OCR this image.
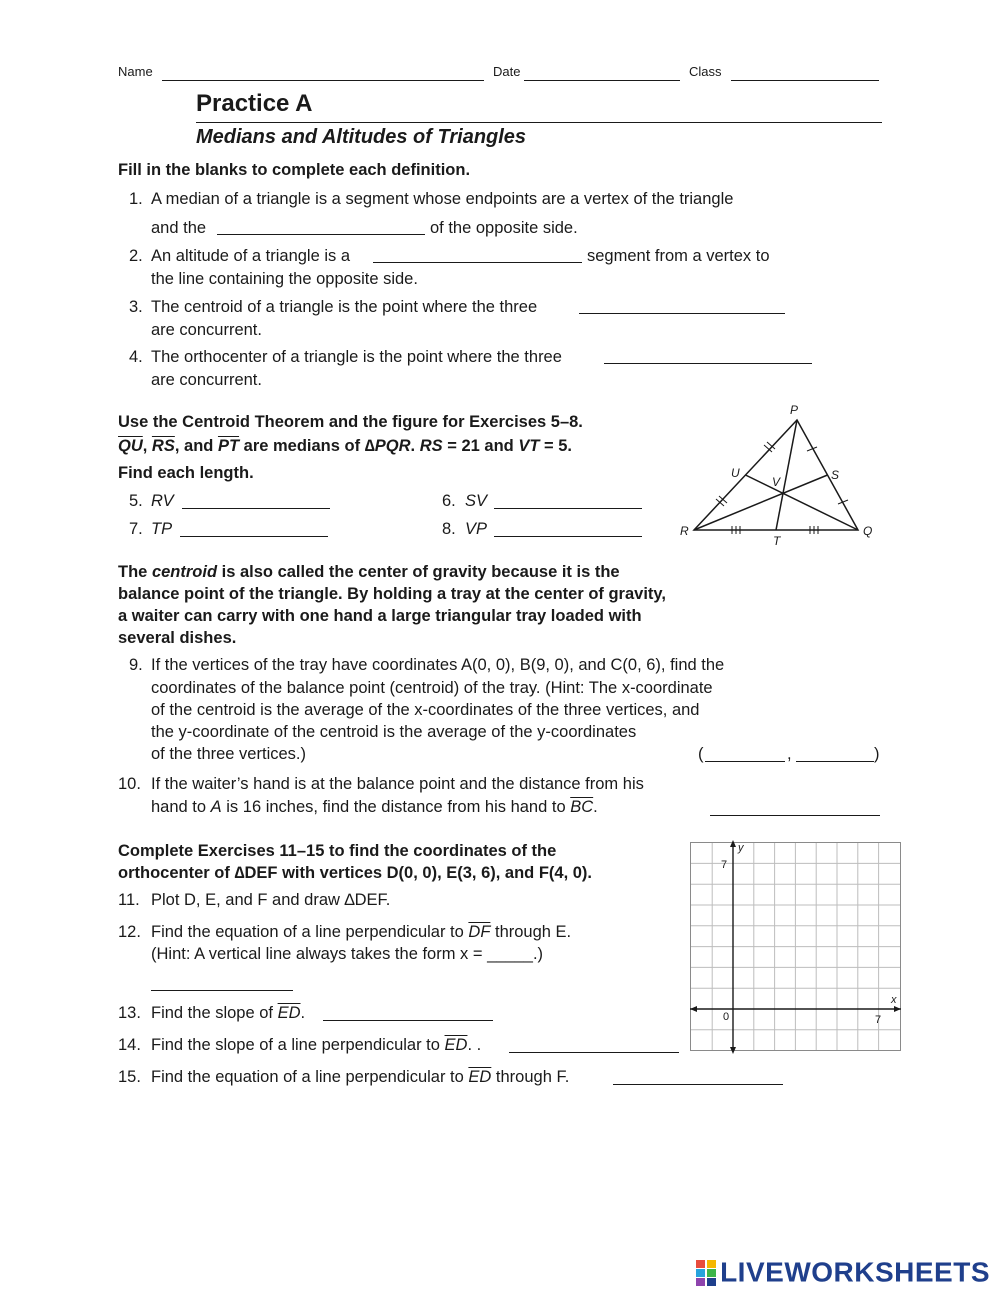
Name	Date	Class
Practice A
Medians and Altitudes of Triangles
Fill in the blanks to complete each definition.
1. A median of a triangle is a segment whose endpoints are a vertex of the triangle
and the	of the opposite side.
2. An altitude of a triangle is a	segment from a vertex to
the line containing the opposite side.
3. The centroid of a triangle is the point where the three
are concurrent.
4. The orthocenter of a triangle is the point where the three
are concurrent.
Use the Centroid Theorem and the figure for Exercises 5–8.
$\overline{QU}$, $\overline{RS}$, and $\overline{PT}$ are medians of ∆PQR. RS = 21 and VT = 5.
Find each length.
5. RV	6. SV
7. TP	8. VP
P
U	S
V
R	Q
T
The centroid is also called the center of gravity because it is the
balance point of the triangle. By holding a tray at the center of gravity,
a waiter can carry with one hand a large triangular tray loaded with
several dishes.
9. If the vertices of the tray have coordinates A(0, 0), B(9, 0), and C(0, 6), find the
coordinates of the balance point (centroid) of the tray. (Hint: The x-coordinate
of the centroid is the average of the x-coordinates of the three vertices, and
the y-coordinate of the centroid is the average of the y-coordinates
of the three vertices.)	(	,	)
10. If the waiter’s hand is at the balance point and the distance from his
hand to A is 16 inches, find the distance from his hand to $\overline{BC}$.
Complete Exercises 11–15 to find the coordinates of the
orthocenter of ∆DEF with vertices D(0, 0), E(3, 6), and F(4, 0).
11. Plot D, E, and F and draw ∆DEF.
12. Find the equation of a line perpendicular to $\overline{DF}$ through E.
(Hint: A vertical line always takes the form x = _____.)
13. Find the slope of $\overline{ED}$.
14. Find the slope of a line perpendicular to $\overline{ED}$. .
15. Find the equation of a line perpendicular to $\overline{ED}$ through F.
y
x
0
7
7
LIVEWORKSHEETS
